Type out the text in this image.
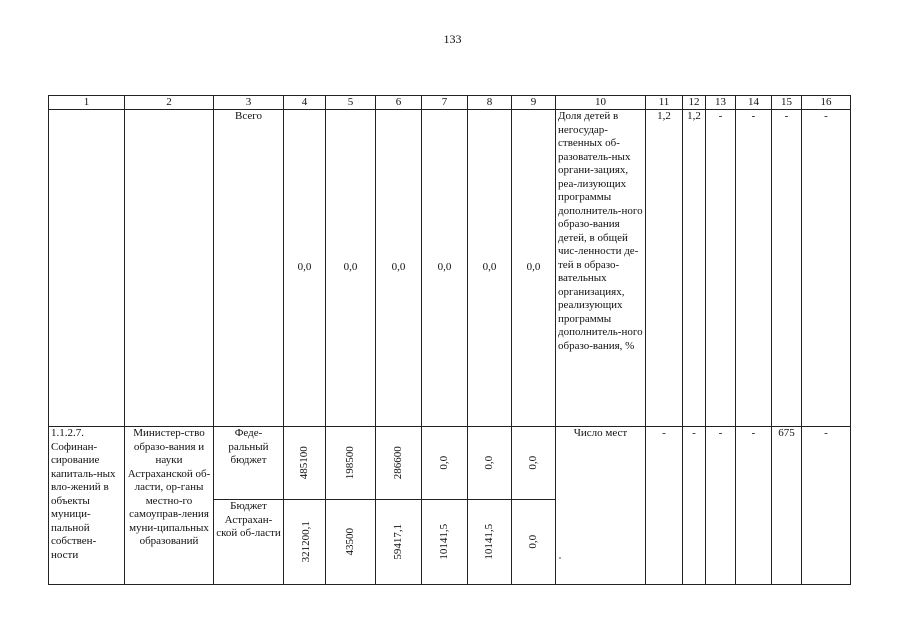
133
1	2	3	4	5	6	7	8	9	10	11	12	13	14	15	16
		Всего	0,0	0,0	0,0	0,0	0,0	0,0	Доля детей в негосудар-ственных об-разователь-ных органи-зациях, реа-лизующих программы дополнитель-ного образо-вания детей, в общей чис-ленности де-тей в образо-вательных организациях, реализующих программы дополнитель-ного образо-вания, %	1,2	1,2	-	-	-	-
1.1.2.7. Софинан-сирование капиталь-ных вло-жений в объекты муници-пальной собствен-ности	Министер-ство образо-вания и науки Астраханской об-ласти, ор-ганы местно-го самоуправ-ления муни-ципальных образований	Феде-ральный бюджет	485100	198500	286600	0,0	0,0	0,0	Число мест	-	-	-	-	675	-
		Бюджет Астрахан-ской об-ласти	321200,1	43500	59417,1	10141,5	10141,5	0,0							
